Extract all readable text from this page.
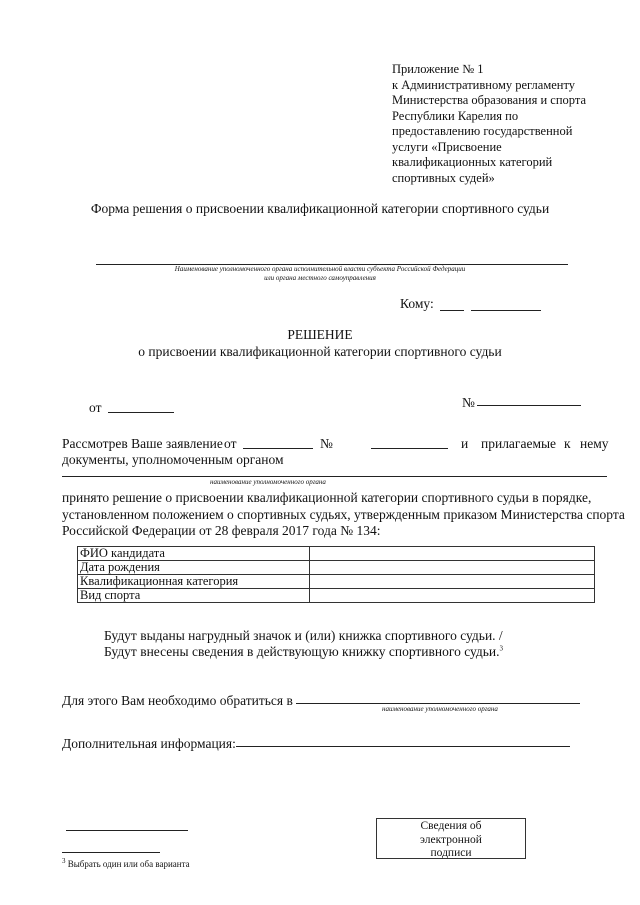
Приложение № 1
к Административному регламенту
Министерства образования и спорта
Республики Карелия по
предоставлению государственной
услуги «Присвоение
квалификационных категорий
спортивных судей»
Форма решения о присвоении квалификационной категории спортивного судьи
Наименование уполномоченного органа исполнительной власти субъекта Российской Федерации
или органа местного самоуправления
Кому:
РЕШЕНИЕ
о присвоении квалификационной категории спортивного судьи
от	№
Рассмотрев Ваше заявление от	№	и прилагаемые к нему
документы, уполномоченным органом
наименование уполномоченного органа
принято решение о присвоении квалификационной категории спортивного судьи в порядке,
установленном положением о спортивных судьях, утвержденным приказом Министерства спорта
Российской Федерации от 28 февраля 2017 года № 134:
ФИО кандидата	
Дата рождения	
Квалификационная категория	
Вид спорта	
Будут выданы нагрудный значок и (или) книжка спортивного судьи. /
Будут внесены сведения в действующую книжку спортивного судьи.$^3$
Для этого Вам необходимо обратиться в
наименование уполномоченного органа
Дополнительная информация:
Сведения об
электронной
подписи
$^3$ Выбрать один или оба варианта
